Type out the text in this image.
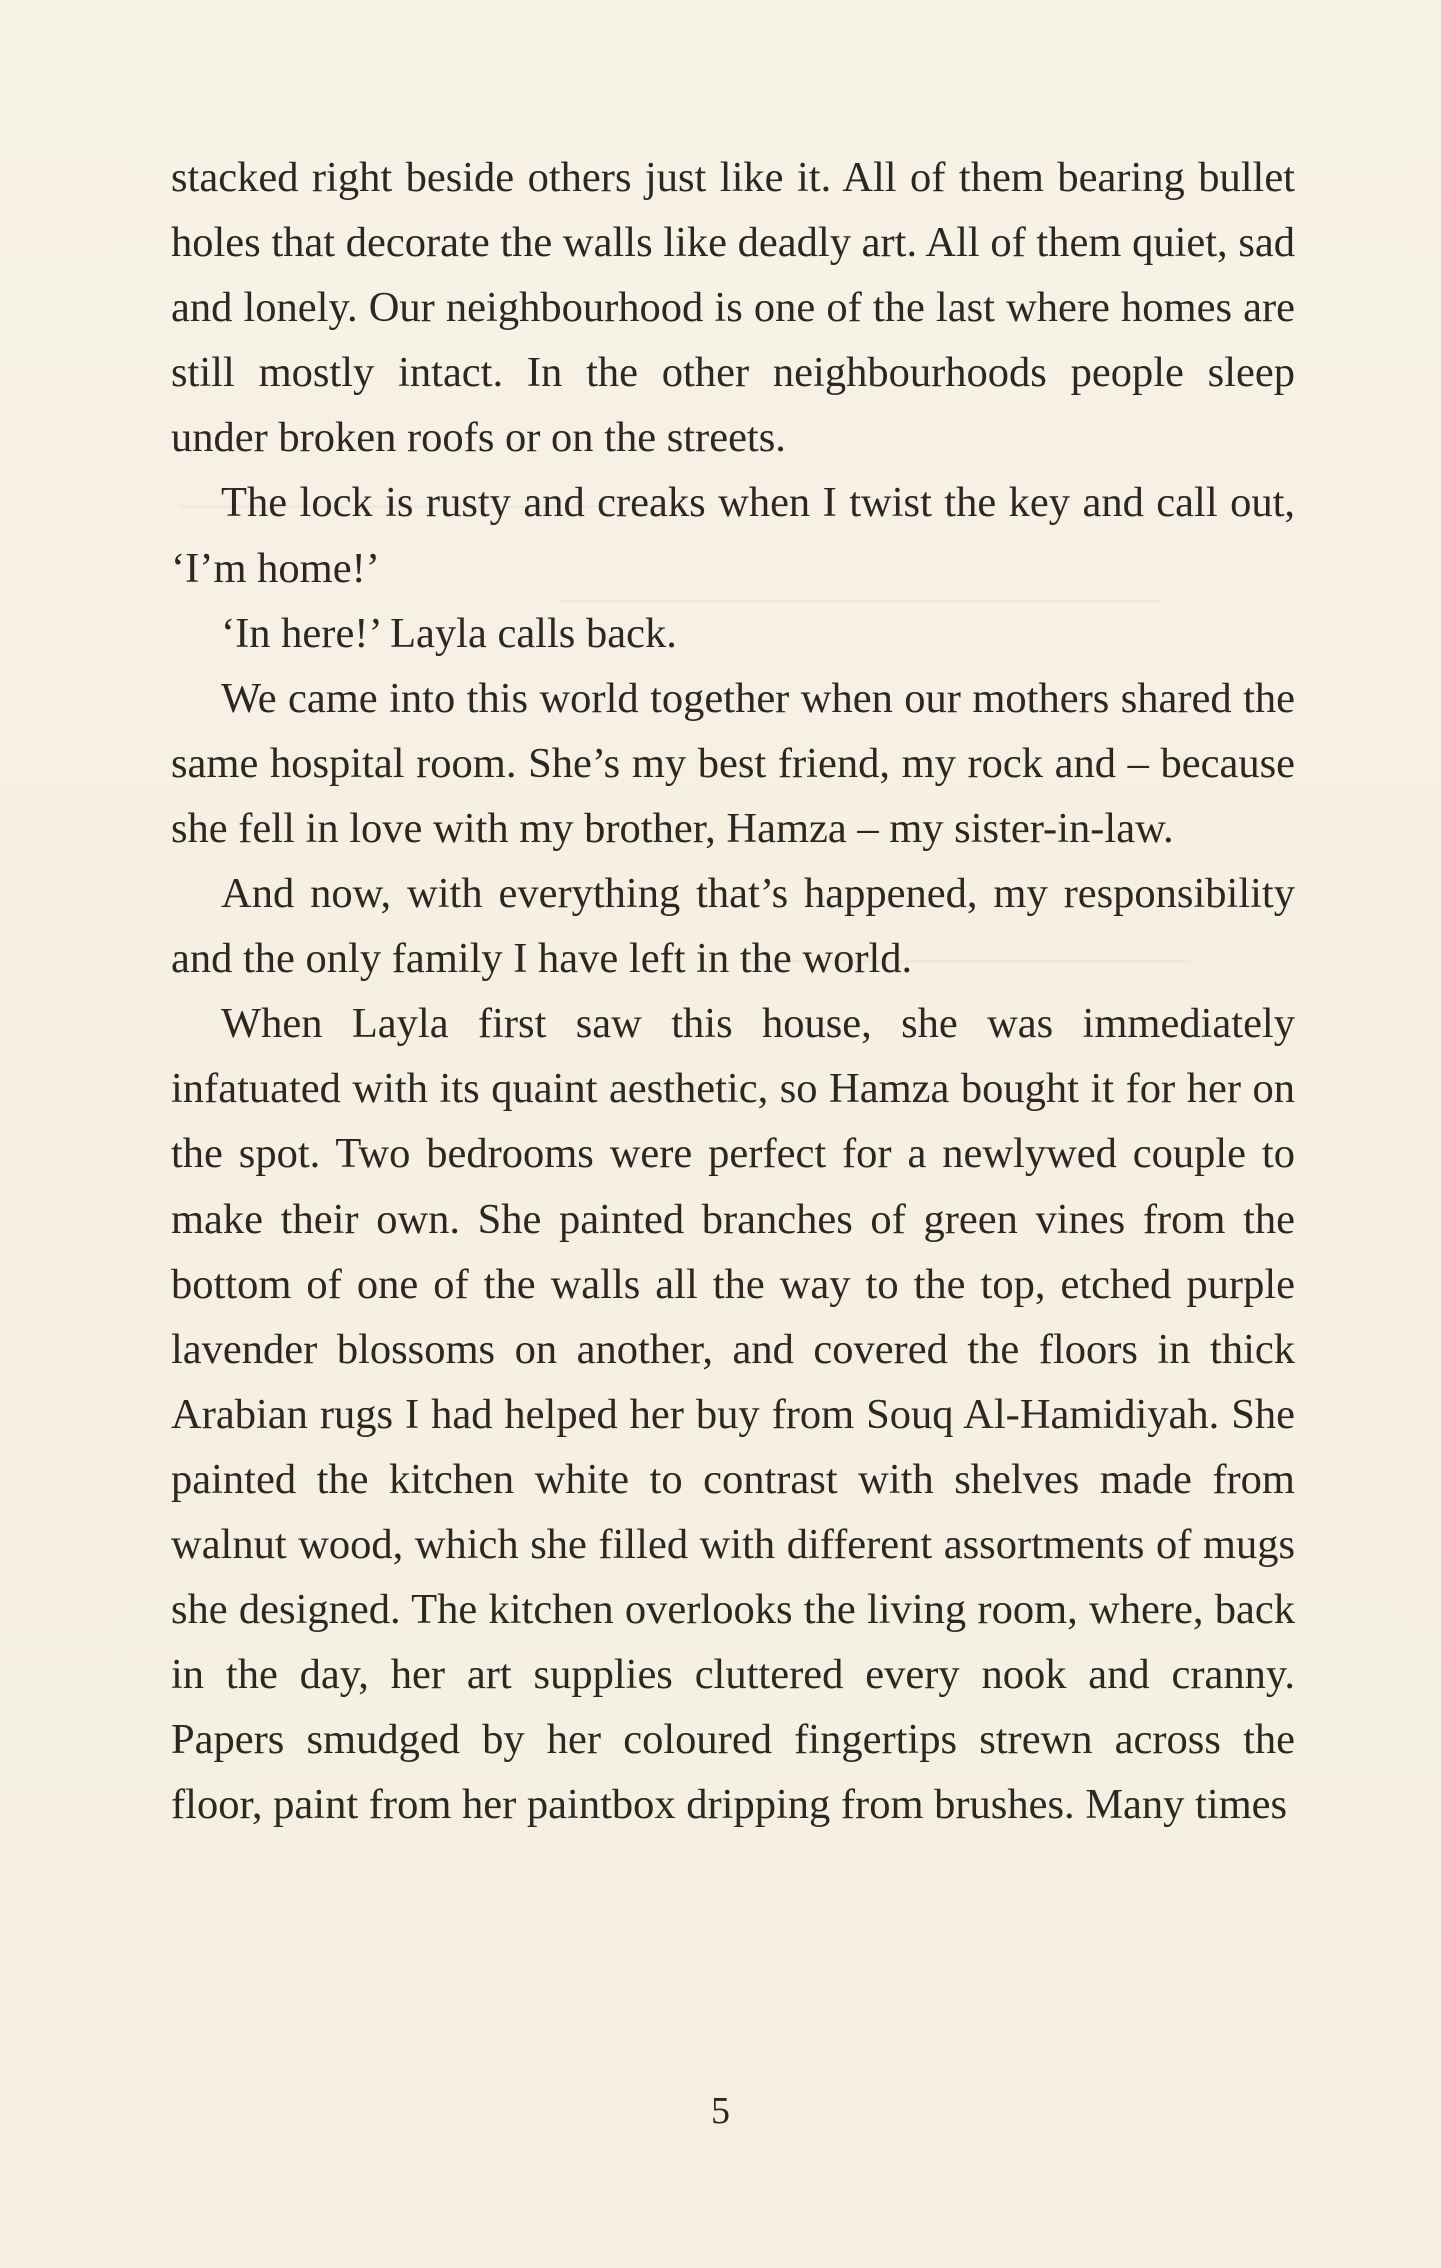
stacked right beside others just like it. All of them bearing bullet holes that decorate the walls like deadly art. All of them quiet, sad and lonely. Our neighbourhood is one of the last where homes are still mostly intact. In the other neighbourhoods people sleep under broken roofs or on the streets.

The lock is rusty and creaks when I twist the key and call out, ‘I’m home!’

‘In here!’ Layla calls back.

We came into this world together when our mothers shared the same hospital room. She’s my best friend, my rock and – because she fell in love with my brother, Hamza – my sister-in-law.

And now, with everything that’s happened, my responsibility and the only family I have left in the world.

When Layla first saw this house, she was immediately infatuated with its quaint aesthetic, so Hamza bought it for her on the spot. Two bedrooms were perfect for a newlywed couple to make their own. She painted branches of green vines from the bottom of one of the walls all the way to the top, etched purple lavender blossoms on another, and covered the floors in thick Arabian rugs I had helped her buy from Souq Al-Hamidiyah. She painted the kitchen white to contrast with shelves made from walnut wood, which she filled with different assortments of mugs she designed. The kitchen overlooks the living room, where, back in the day, her art supplies cluttered every nook and cranny. Papers smudged by her coloured fingertips strewn across the floor, paint from her paintbox dripping from brushes. Many times

5
